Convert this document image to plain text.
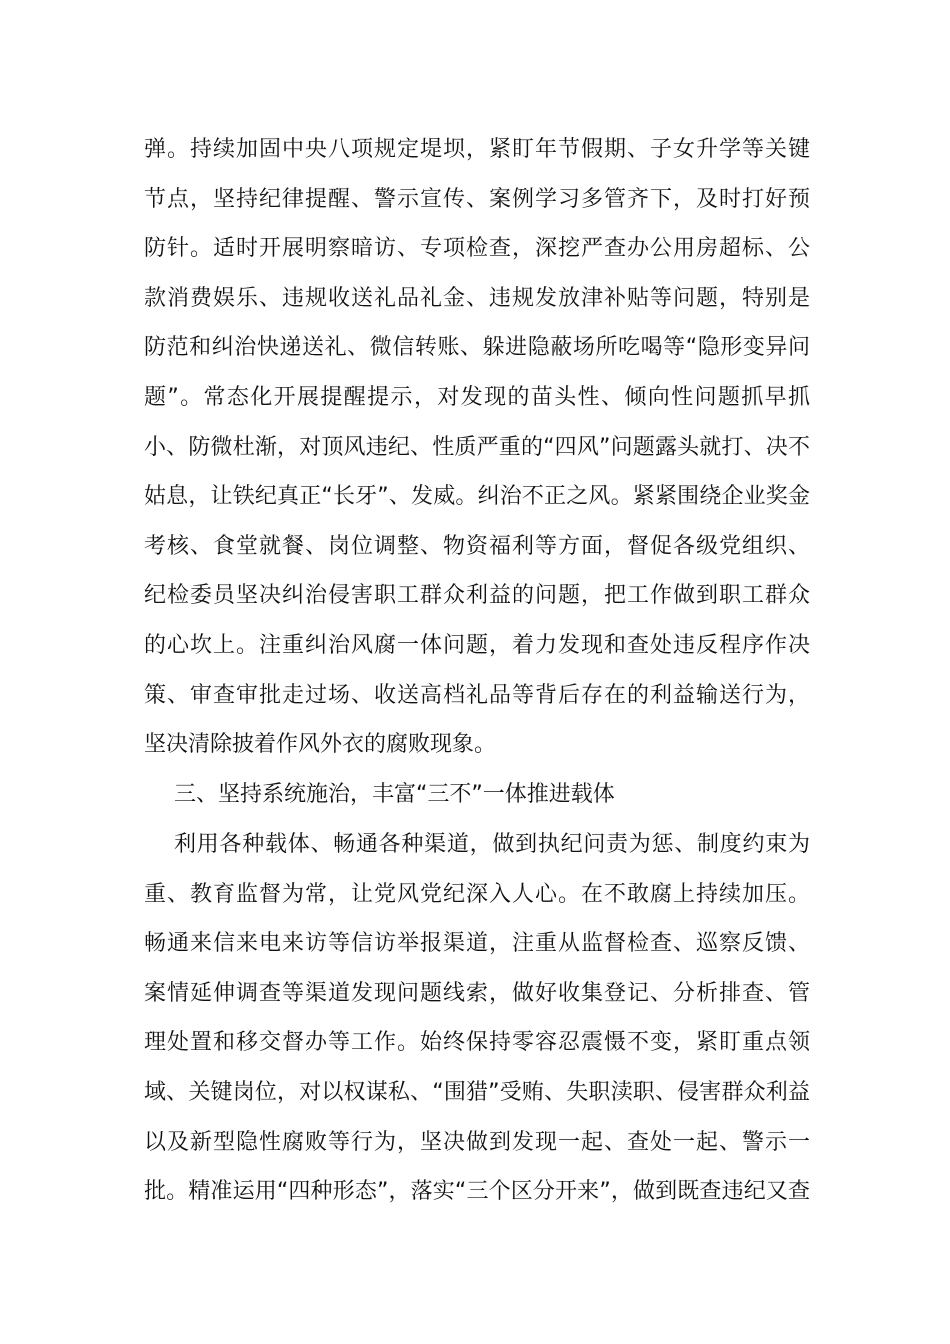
弹。持续加固中央八项规定堤坝，紧盯年节假期、子女升学等关键
节点，坚持纪律提醒、警示宣传、案例学习多管齐下，及时打好预
防针。适时开展明察暗访、专项检查，深挖严查办公用房超标、公
款消费娱乐、违规收送礼品礼金、违规发放津补贴等问题，特别是
防范和纠治快递送礼、微信转账、躲进隐蔽场所吃喝等“隐形变异问
题”。常态化开展提醒提示，对发现的苗头性、倾向性问题抓早抓
小、防微杜渐，对顶风违纪、性质严重的“四风”问题露头就打、决不
姑息，让铁纪真正“长牙”、发威。纠治不正之风。紧紧围绕企业奖金
考核、食堂就餐、岗位调整、物资福利等方面，督促各级党组织、
纪检委员坚决纠治侵害职工群众利益的问题，把工作做到职工群众
的心坎上。注重纠治风腐一体问题，着力发现和查处违反程序作决
策、审查审批走过场、收送高档礼品等背后存在的利益输送行为，
坚决清除披着作风外衣的腐败现象。
三、坚持系统施治，丰富“三不”一体推进载体
利用各种载体、畅通各种渠道，做到执纪问责为惩、制度约束为
重、教育监督为常，让党风党纪深入人心。在不敢腐上持续加压。
畅通来信来电来访等信访举报渠道，注重从监督检查、巡察反馈、
案情延伸调查等渠道发现问题线索，做好收集登记、分析排查、管
理处置和移交督办等工作。始终保持零容忍震慑不变，紧盯重点领
域、关键岗位，对以权谋私、“围猎”受贿、失职渎职、侵害群众利益
以及新型隐性腐败等行为，坚决做到发现一起、查处一起、警示一
批。精准运用“四种形态”，落实“三个区分开来”，做到既查违纪又查
